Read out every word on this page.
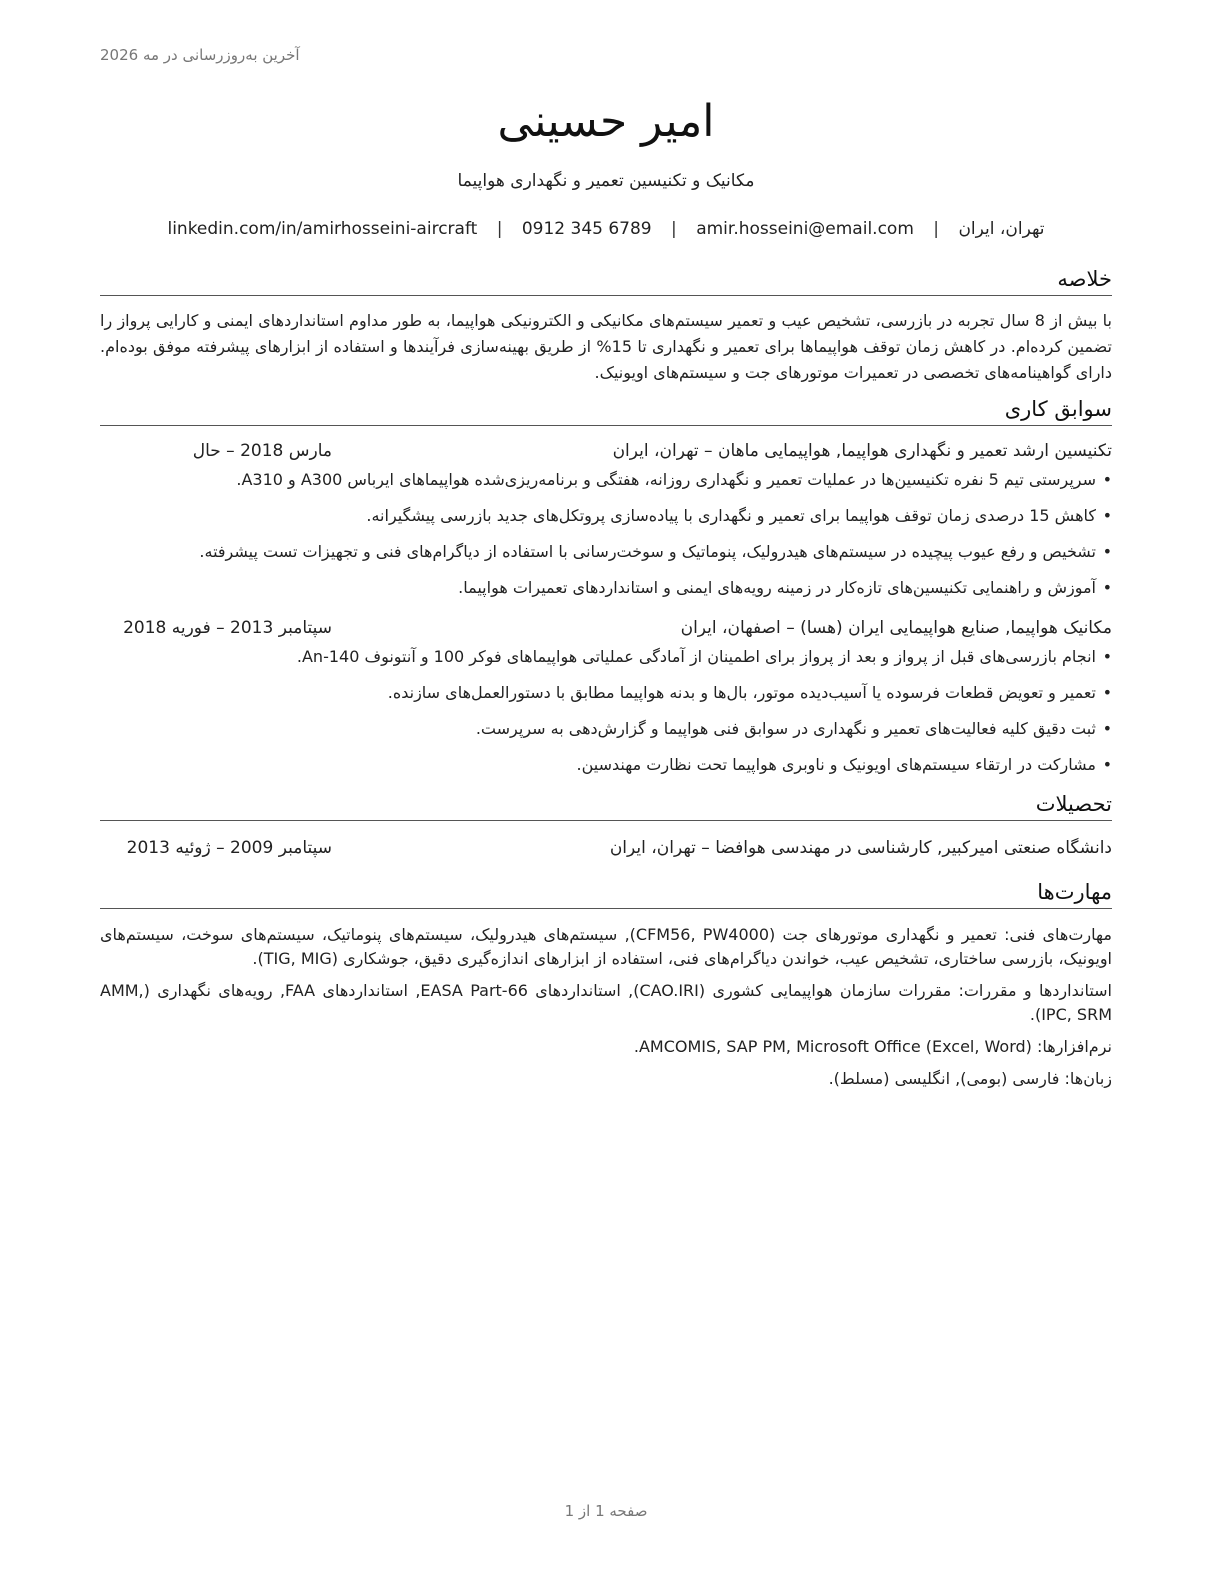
آخرین به‌روزرسانی در مه 2026
امیر حسینی
مکانیک و تکنیسین تعمیر و نگهداری هواپیما
تهران، ایران | amir.hosseini@email.com | 0912 345 6789 | linkedin.com/in/amirhosseini-aircraft
خلاصه

با بیش از 8 سال تجربه در بازرسی، تشخیص عیب و تعمیر سیستم‌های مکانیکی و الکترونیکی هواپیما، به طور مداوم استانداردهای ایمنی و کارایی پرواز را تضمین کرده‌ام. در کاهش زمان توقف هواپیماها برای تعمیر و نگهداری تا 15% از طریق بهینه‌سازی فرآیندها و استفاده از ابزارهای پیشرفته موفق بوده‌ام. دارای گواهینامه‌های تخصصی در تعمیرات موتورهای جت و سیستم‌های اویونیک.

سوابق کاری
تکنیسین ارشد تعمیر و نگهداری هواپیما, هواپیمایی ماهان – تهران، ایران
مارس 2018 – حال
•
سرپرستی تیم 5 نفره تکنیسین‌ها در عملیات تعمیر و نگهداری روزانه، هفتگی و برنامه‌ریزی‌شده هواپیماهای ایرباس A300 و A310.
•
کاهش 15 درصدی زمان توقف هواپیما برای تعمیر و نگهداری با پیاده‌سازی پروتکل‌های جدید بازرسی پیشگیرانه.
•
تشخیص و رفع عیوب پیچیده در سیستم‌های هیدرولیک، پنوماتیک و سوخت‌رسانی با استفاده از دیاگرام‌های فنی و تجهیزات تست پیشرفته.
•
آموزش و راهنمایی تکنیسین‌های تازه‌کار در زمینه رویه‌های ایمنی و استانداردهای تعمیرات هواپیما.
مکانیک هواپیما, صنایع هواپیمایی ایران (هسا) – اصفهان، ایران
سپتامبر 2013 – فوریه 2018
•
انجام بازرسی‌های قبل از پرواز و بعد از پرواز برای اطمینان از آمادگی عملیاتی هواپیماهای فوکر 100 و آنتونوف An-140.
•
تعمیر و تعویض قطعات فرسوده یا آسیب‌دیده موتور، بال‌ها و بدنه هواپیما مطابق با دستورالعمل‌های سازنده.
•
ثبت دقیق کلیه فعالیت‌های تعمیر و نگهداری در سوابق فنی هواپیما و گزارش‌دهی به سرپرست.
•
مشارکت در ارتقاء سیستم‌های اویونیک و ناوبری هواپیما تحت نظارت مهندسین.
تحصیلات
دانشگاه صنعتی امیرکبیر, کارشناسی در مهندسی هوافضا – تهران، ایران
سپتامبر 2009 – ژوئیه 2013
مهارت‌ها
مهارت‌های فنی: تعمیر و نگهداری موتورهای جت (CFM56, PW4000), سیستم‌های هیدرولیک، سیستم‌های پنوماتیک، سیستم‌های سوخت، سیستم‌های اویونیک، بازرسی ساختاری، تشخیص عیب، خواندن دیاگرام‌های فنی، استفاده از ابزارهای اندازه‌گیری دقیق، جوشکاری (TIG, MIG).
استانداردها و مقررات: مقررات سازمان هواپیمایی کشوری (CAO.IRI), استانداردهای EASA Part-66, استانداردهای FAA, رویه‌های نگهداری (AMM, IPC, SRM).
نرم‌افزارها: AMCOMIS, SAP PM, Microsoft Office (Excel, Word).
زبان‌ها: فارسی (بومی), انگلیسی (مسلط).
صفحه 1 از 1
